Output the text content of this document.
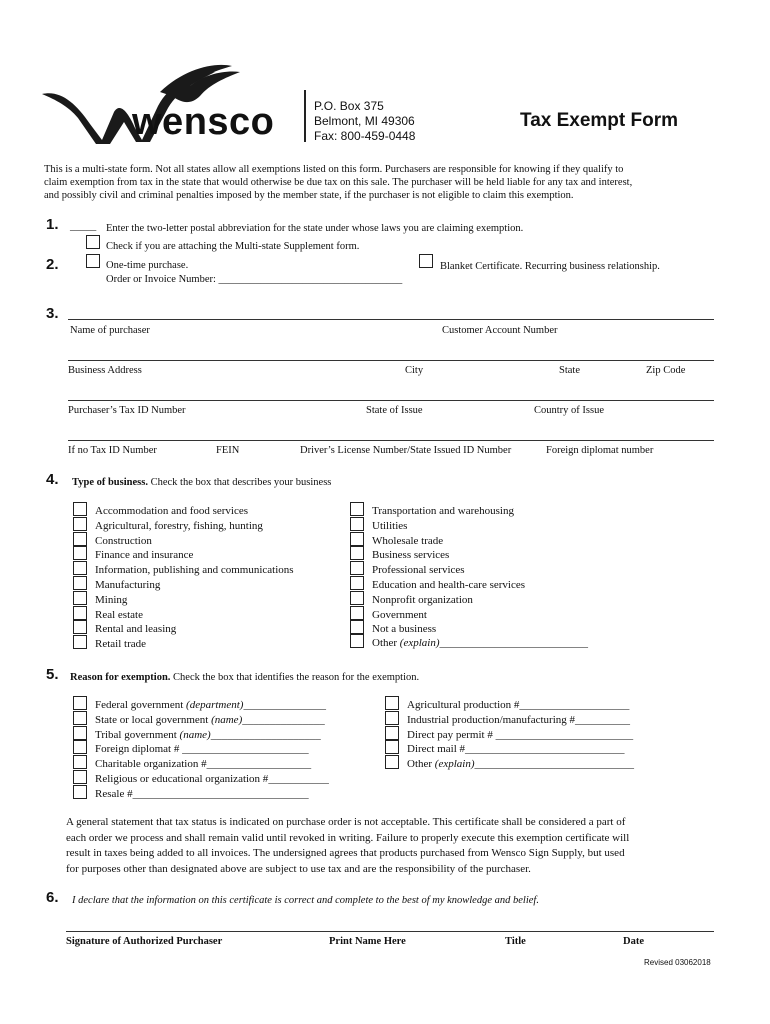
wensco	P.O. Box 375
Belmont, MI 49306
Fax: 800-459-0448
Tax Exempt Form
This is a multi-state form. Not all states allow all exemptions listed on this form. Purchasers are responsible for knowing if they qualify to
claim exemption from tax in the state that would otherwise be due tax on this sale. The purchaser will be held liable for any tax and interest,
and possibly civil and criminal penalties imposed by the member state, if the purchaser is not eligible to claim this exemption.
1. _____ Enter the two-letter postal abbreviation for the state under whose laws you are claiming exemption.
Check if you are attaching the Multi-state Supplement form.
2.	One-time purchase.
Order or Invoice Number: ___________________________________
Blanket Certificate. Recurring business relationship.
3.
Name of purchaser	Customer Account Number
Business Address	City	State	Zip Code
Purchaser’s Tax ID Number	State of Issue	Country of Issue
If no Tax ID Number	FEIN	Driver’s License Number/State Issued ID Number	Foreign diplomat number
4. Type of business. Check the box that describes your business
Accommodation and food services
Agricultural, forestry, fishing, hunting
Construction
Finance and insurance
Information, publishing and communications
Manufacturing
Mining
Real estate
Rental and leasing
Retail trade
Transportation and warehousing
Utilities
Wholesale trade
Business services
Professional services
Education and health-care services
Nonprofit organization
Government
Not a business
Other (explain)___________________________
5. Reason for exemption. Check the box that identifies the reason for the exemption.
Federal government (department)_______________
State or local government (name)_______________
Tribal government (name)____________________
Foreign diplomat # _______________________
Charitable organization #___________________
Religious or educational organization #___________
Resale #________________________________
Agricultural production #____________________
Industrial production/manufacturing #__________
Direct pay permit # _________________________
Direct mail #_____________________________
Other (explain)_____________________________
A general statement that tax status is indicated on purchase order is not acceptable. This certificate shall be considered a part of
each order we process and shall remain valid until revoked in writing. Failure to properly execute this exemption certificate will
result in taxes being added to all invoices. The undersigned agrees that products purchased from Wensco Sign Supply, but used
for purposes other than designated above are subject to use tax and are the responsibility of the purchaser.
6. I declare that the information on this certificate is correct and complete to the best of my knowledge and belief.
Signature of Authorized Purchaser	Print Name Here	Title	Date
Revised 03062018
